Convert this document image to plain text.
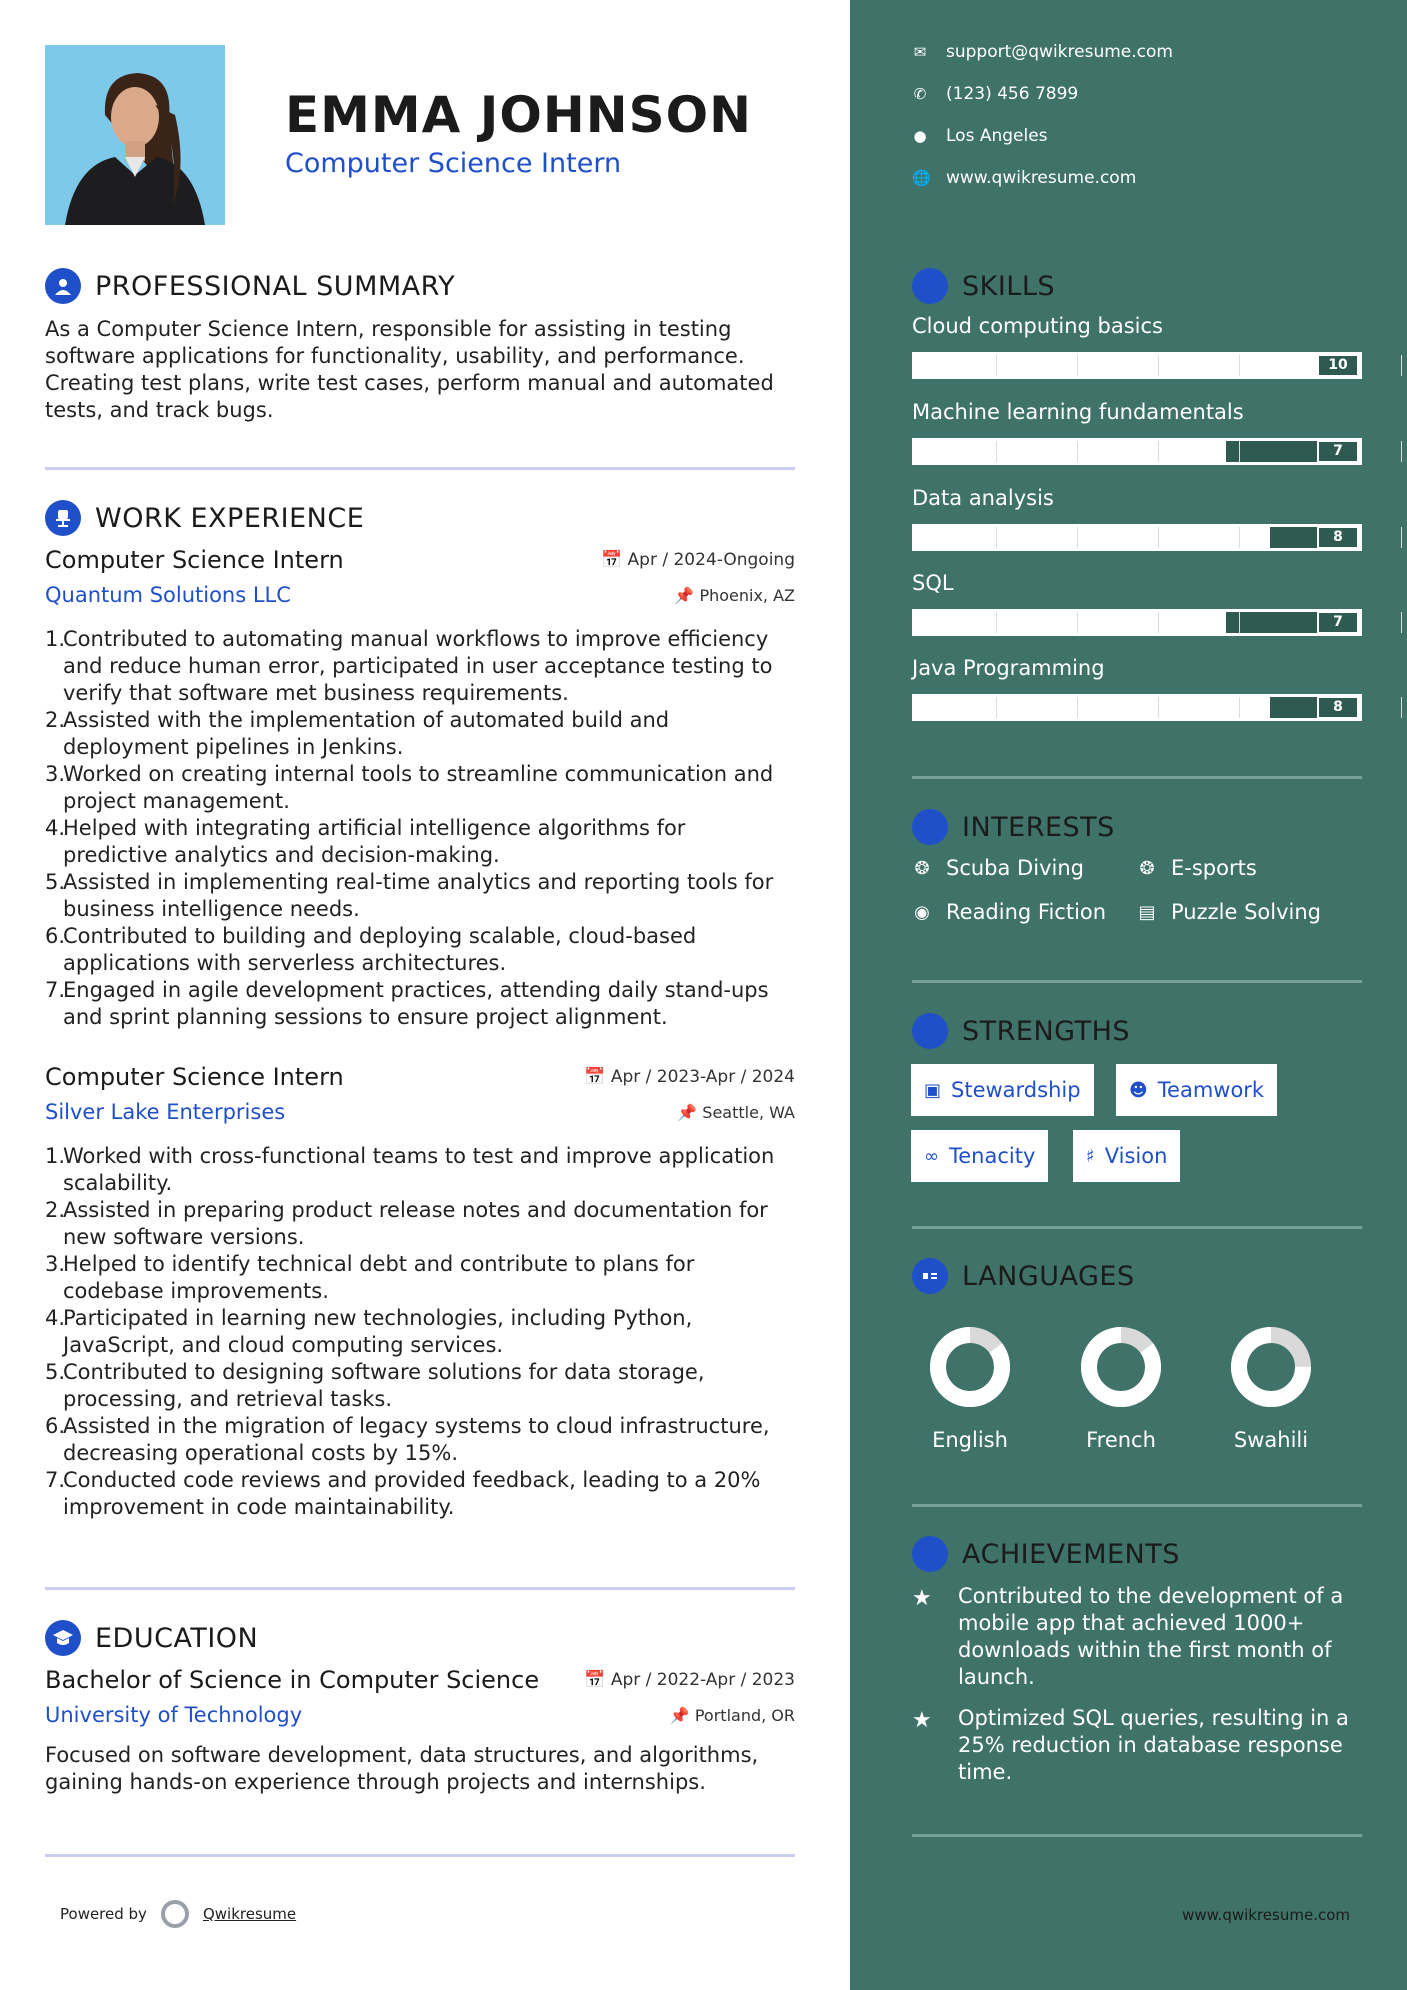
EMMA JOHNSON
Computer Science Intern
PROFESSIONAL SUMMARY
As a Computer Science Intern, responsible for assisting in testing software applications for functionality, usability, and performance. Creating test plans, write test cases, perform manual and automated tests, and track bugs.
WORK EXPERIENCE
Computer Science Intern	📅 Apr / 2024-Ongoing
Quantum Solutions LLC	📌 Phoenix, AZ
Contributed to automating manual workflows to improve efficiency and reduce human error, participated in user acceptance testing to verify that software met business requirements.
Assisted with the implementation of automated build and deployment pipelines in Jenkins.
Worked on creating internal tools to streamline communication and project management.
Helped with integrating artificial intelligence algorithms for predictive analytics and decision-making.
Assisted in implementing real-time analytics and reporting tools for business intelligence needs.
Contributed to building and deploying scalable, cloud-based applications with serverless architectures.
Engaged in agile development practices, attending daily stand-ups and sprint planning sessions to ensure project alignment.
Computer Science Intern	📅 Apr / 2023-Apr / 2024
Silver Lake Enterprises	📌 Seattle, WA
Worked with cross-functional teams to test and improve application scalability.
Assisted in preparing product release notes and documentation for new software versions.
Helped to identify technical debt and contribute to plans for codebase improvements.
Participated in learning new technologies, including Python, JavaScript, and cloud computing services.
Contributed to designing software solutions for data storage, processing, and retrieval tasks.
Assisted in the migration of legacy systems to cloud infrastructure, decreasing operational costs by 15%.
Conducted code reviews and provided feedback, leading to a 20% improvement in code maintainability.
EDUCATION
Bachelor of Science in Computer Science	📅 Apr / 2022-Apr / 2023
University of Technology	📌 Portland, OR
Focused on software development, data structures, and algorithms, gaining hands-on experience through projects and internships.
Powered by	Qwikresume
✉ support@qwikresume.com
✆ (123) 456 7899
● Los Angeles
🌐 www.qwikresume.com
SKILLS
Cloud computing basics
10
Machine learning fundamentals
7
Data analysis
8
SQL
7
Java Programming
8
INTERESTS
❂ Scuba Diving	❂ E-sports
◉ Reading Fiction ▤ Puzzle Solving
STRENGTHS
▣ Stewardship	☻ Teamwork
∞ Tenacity	♯ Vision
LANGUAGES
English	French	Swahili
ACHIEVEMENTS
★	Contributed to the development of a mobile app that achieved 1000+ downloads within the first month of launch.
★	Optimized SQL queries, resulting in a 25% reduction in database response time.
www.qwikresume.com
